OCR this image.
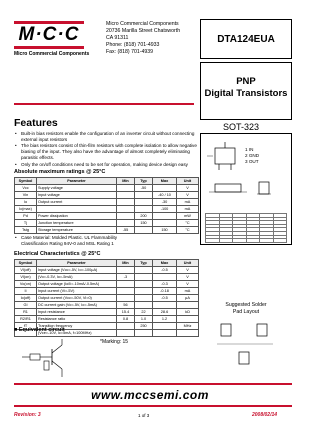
M·C·C
Micro Commercial Components
Micro Commercial Components
20736 Marilla Street Chatsworth
CA 91311
Phone: (818) 701-4933
Fax: (818) 701-4939
DTA124EUA
PNP
Digital Transistors
Features
• Built-in bias resistors enable the configuration of an inverter circuit without connecting external input resistors
• The bias resistors consist of thin-film resistors with complete isolation to allow negative biasing of the input. They also have the advantage of almost completely eliminating parasitic effects.
• Only the on/off conditions need to be set for operation, making device design easy
Absolute maximum ratings @ 25°C
Symbol	Parameter	Min	Typ	Max	Unit
Vcc	Supply voltage		-50		V
Vin	Input voltage			-40 / 10	V
Io	Output current			-30	mA
Ic(max)				-100	mA
Pd	Power dissipation		200		mW
Tj	Junction temperature		150		°C
Tstg	Storage temperature	-55		150	°C
• Case Material: Molded Plastic. UL Flammability
Classification Rating 94V-0 and MSL Rating 1
Electrical Characteristics @ 25°C
Symbol	Parameter	Min	Typ	Max	Unit
VI(off)	Input voltage (Vcc=-5V, Io=-100μA)			-0.5	V
VI(on)	(Vo=-0.3V, Io=-5mA)	-3			V
Vo(on)	Output voltage (Io/Ii=-10mA/-0.5mA)			-0.3	V
Ii	Input current (Vi=-5V)			-0.18	mA
Io(off)	Output current (Vcc=-50V, Vi=0)			-0.5	μA
GI	DC current gain (Vo=-5V, Io=-5mA)	56			
R1	Input resistance	15.4	22	28.6	kΩ
R2/R1	Resistance ratio	0.8	1.0	1.2	
fT	Transition frequency		250		MHz
	(Vce=-10V, Ic=5mA, f=100MHz)				
SOT-323
1 IN
2 GND
3 OUT

Suggested Solder
Pad Layout
■ Equivalent circuit
*Marking: 15
www.mccsemi.com
Revision: 3	1 of 3	2008/02/14
